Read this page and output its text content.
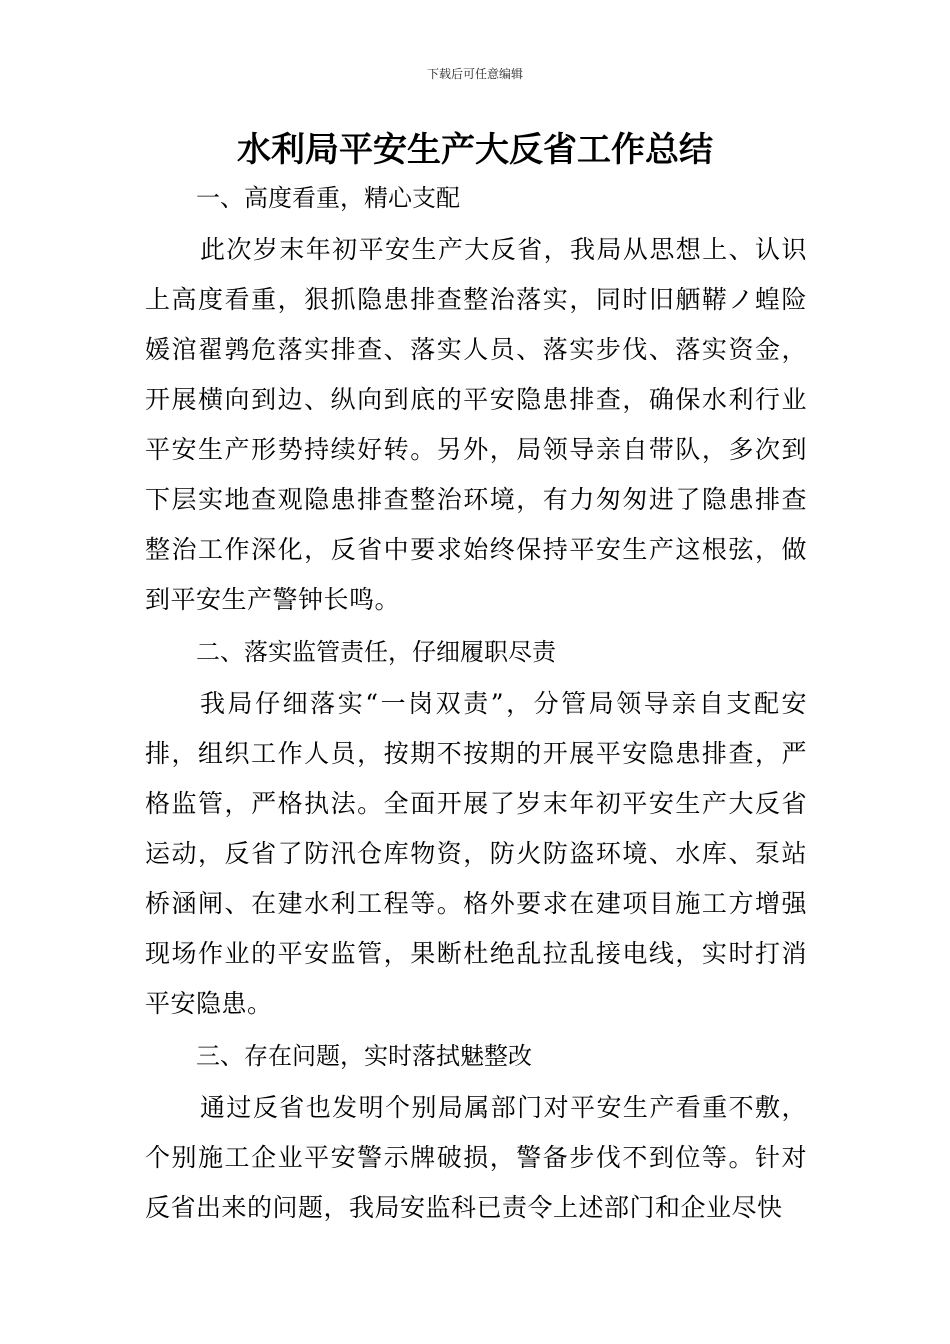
下载后可任意编辑
水利局平安生产大反省工作总结
一、高度看重，精心支配

此次岁末年初平安生产大反省，我局从思想上、认识上高度看重，狠抓隐患排查整治落实，同时旧舾鞯ノ蝗险媛涫翟鹑危落实排查、落实人员、落实步伐、落实资金，开展横向到边、纵向到底的平安隐患排查，确保水利行业平安生产形势持续好转。另外，局领导亲自带队，多次到下层实地查观隐患排查整治环境，有力匆匆进了隐患排查整治工作深化，反省中要求始终保持平安生产这根弦，做到平安生产警钟长鸣。

二、落实监管责任，仔细履职尽责

我局仔细落实“一岗双责”，分管局领导亲自支配安排，组织工作人员，按期不按期的开展平安隐患排查，严格监管，严格执法。全面开展了岁末年初平安生产大反省运动，反省了防汛仓库物资，防火防盗环境、水库、泵站桥涵闸、在建水利工程等。格外要求在建项目施工方增强现场作业的平安监管，果断杜绝乱拉乱接电线，实时打消平安隐患。

三、存在问题，实时落拭魅整改

通过反省也发明个别局属部门对平安生产看重不敷，个别施工企业平安警示牌破损，警备步伐不到位等。针对反省出来的问题，我局安监科已责令上述部门和企业尽快
